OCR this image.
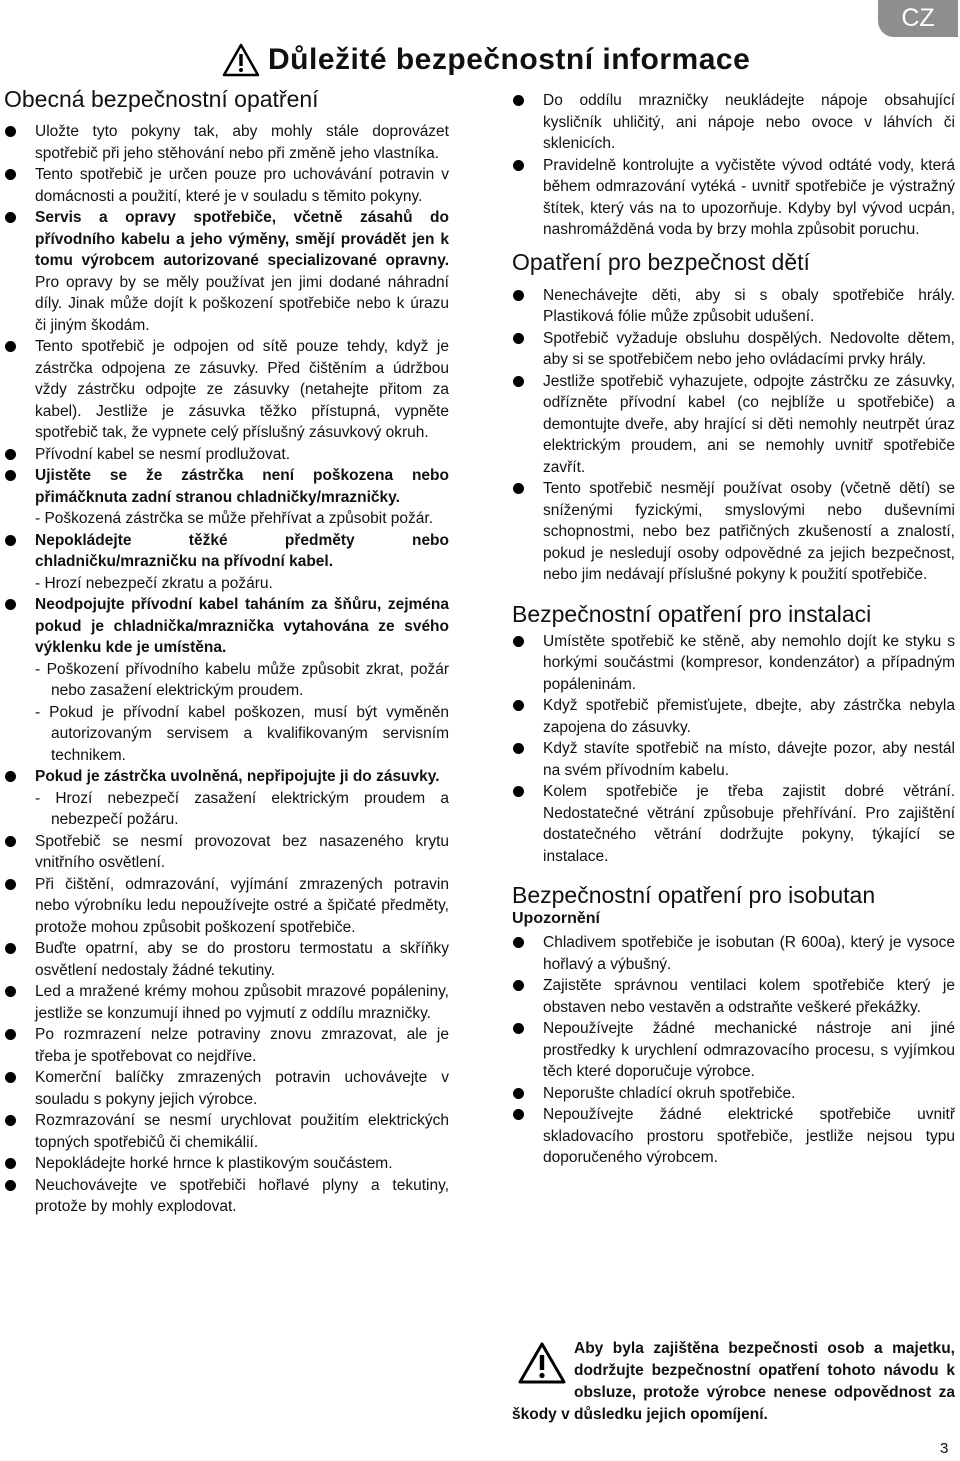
CZ
Důležité bezpečnostní informace
Obecná bezpečnostní opatření
Uložte tyto pokyny tak, aby mohly stále doprovázet spotřebič při jeho stěhování nebo při změně jeho vlastníka.
Tento spotřebič je určen pouze pro uchovávání potravin v domácnosti a použití, které je v souladu s těmito pokyny.
Servis a opravy spotřebiče, včetně zásahů do přívodního kabelu a jeho výměny, smějí provádět jen k tomu výrobcem autorizované specializované opravny. Pro opravy by se měly používat jen jimi dodané náhradní díly. Jinak může dojít k poškození spotřebiče nebo k úrazu či jiným škodám.
Tento spotřebič je odpojen od sítě pouze tehdy, když je zástrčka odpojena ze zásuvky. Před čištěním a údržbou vždy zástrčku odpojte ze zásuvky (netahejte přitom za kabel). Jestliže je zásuvka těžko přístupná, vypněte spotřebič tak, že vypnete celý příslušný zásuvkový okruh.
Přívodní kabel se nesmí prodlužovat.
Ujistěte se že zástrčka není poškozena nebo přimáčknuta zadní stranou chladničky/mrazničky.
- Poškozená zástrčka se může přehřívat a způsobit požár.
Nepokládejte těžké předměty nebo chladničku/mrazničku na přívodní kabel.
- Hrozí nebezpečí zkratu a požáru.
Neodpojujte přívodní kabel taháním za šňůru, zejména pokud je chladnička/mraznička vytahována ze svého výklenku kde je umístěna.
- Poškození přívodního kabelu může způsobit zkrat, požár nebo zasažení elektrickým proudem.
- Pokud je přívodní kabel poškozen, musí být vyměněn autorizovaným servisem a kvalifikovaným servisním technikem.
Pokud je zástrčka uvolněná, nepřipojujte ji do zásuvky.
- Hrozí nebezpečí zasažení elektrickým proudem a nebezpečí požáru.
Spotřebič se nesmí provozovat bez nasazeného krytu vnitřního osvětlení.
Při čištění, odmrazování, vyjímání zmrazených potravin nebo výrobníku ledu nepoužívejte ostré a špičaté předměty, protože mohou způsobit poškození spotřebiče.
Buďte opatrní, aby se do prostoru termostatu a skříňky osvětlení nedostaly žádné tekutiny.
Led a mražené krémy mohou způsobit mrazové popáleniny, jestliže se konzumují ihned po vyjmutí z oddílu mrazničky.
Po rozmrazení nelze potraviny znovu zmrazovat, ale je třeba je spotřebovat co nejdříve.
Komerční balíčky zmrazených potravin uchovávejte v souladu s pokyny jejich výrobce.
Rozmrazování se nesmí urychlovat použitím elektrických topných spotřebičů či chemikálií.
Nepokládejte horké hrnce k plastikovým součástem.
Neuchovávejte ve spotřebiči hořlavé plyny a tekutiny, protože by mohly explodovat.
Do oddílu mrazničky neukládejte nápoje obsahující kysličník uhličitý, ani nápoje nebo ovoce v láhvích či sklenicích.
Pravidelně kontrolujte a vyčistěte vývod odtáté vody, která během odmrazování vytéká - uvnitř spotřebiče je výstražný štítek, který vás na to upozorňuje. Kdyby byl vývod ucpán, nashromážděná voda by brzy mohla způsobit poruchu.
Opatření pro bezpečnost dětí
Nenechávejte děti, aby si s obaly spotřebiče hrály. Plastiková fólie může způsobit udušení.
Spotřebič vyžaduje obsluhu dospělých. Nedovolte dětem, aby si se spotřebičem nebo jeho ovládacími prvky hrály.
Jestliže spotřebič vyhazujete, odpojte zástrčku ze zásuvky, odřízněte přívodní kabel (co nejblíže u spotřebiče) a demontujte dveře, aby hrající si děti nemohly neutrpět úraz elektrickým proudem, ani se nemohly uvnitř spotřebiče zavřít.
Tento spotřebič nesmějí používat osoby (včetně dětí) se sníženými fyzickými, smyslovými nebo duševními schopnostmi, nebo bez patřičných zkušeností a znalostí, pokud je nesledují osoby odpovědné za jejich bezpečnost, nebo jim nedávají příslušné pokyny k použití spotřebiče.
Bezpečnostní opatření pro instalaci
Umístěte spotřebič ke stěně, aby nemohlo dojít ke styku s horkými součástmi (kompresor, kondenzátor) a případným popáleninám.
Když spotřebič přemisťujete, dbejte, aby zástrčka nebyla zapojena do zásuvky.
Když stavíte spotřebič na místo, dávejte pozor, aby nestál na svém přívodním kabelu.
Kolem spotřebiče je třeba zajistit dobré větrání. Nedostatečné větrání způsobuje přehřívání. Pro zajištění dostatečného větrání dodržujte pokyny, týkající se instalace.
Bezpečnostní opatření pro isobutan
Upozornění
Chladivem spotřebiče je isobutan (R 600a), který je vysoce hořlavý a výbušný.
Zajistěte správnou ventilaci kolem spotřebiče který je obstaven nebo vestavěn a odstraňte veškeré překážky.
Nepoužívejte žádné mechanické nástroje ani jiné prostředky k urychlení odmrazovacího procesu, s vyjímkou těch které doporučuje výrobce.
Neporušte chladící okruh spotřebiče.
Nepoužívejte žádné elektrické spotřebiče uvnitř skladovacího prostoru spotřebiče, jestliže nejsou typu doporučeného výrobcem.
Aby byla zajištěna bezpečnosti osob a majetku, dodržujte bezpečnostní opatření tohoto návodu k obsluze, protože výrobce nenese odpovědnost za škody v důsledku jejich opomíjení.
3
